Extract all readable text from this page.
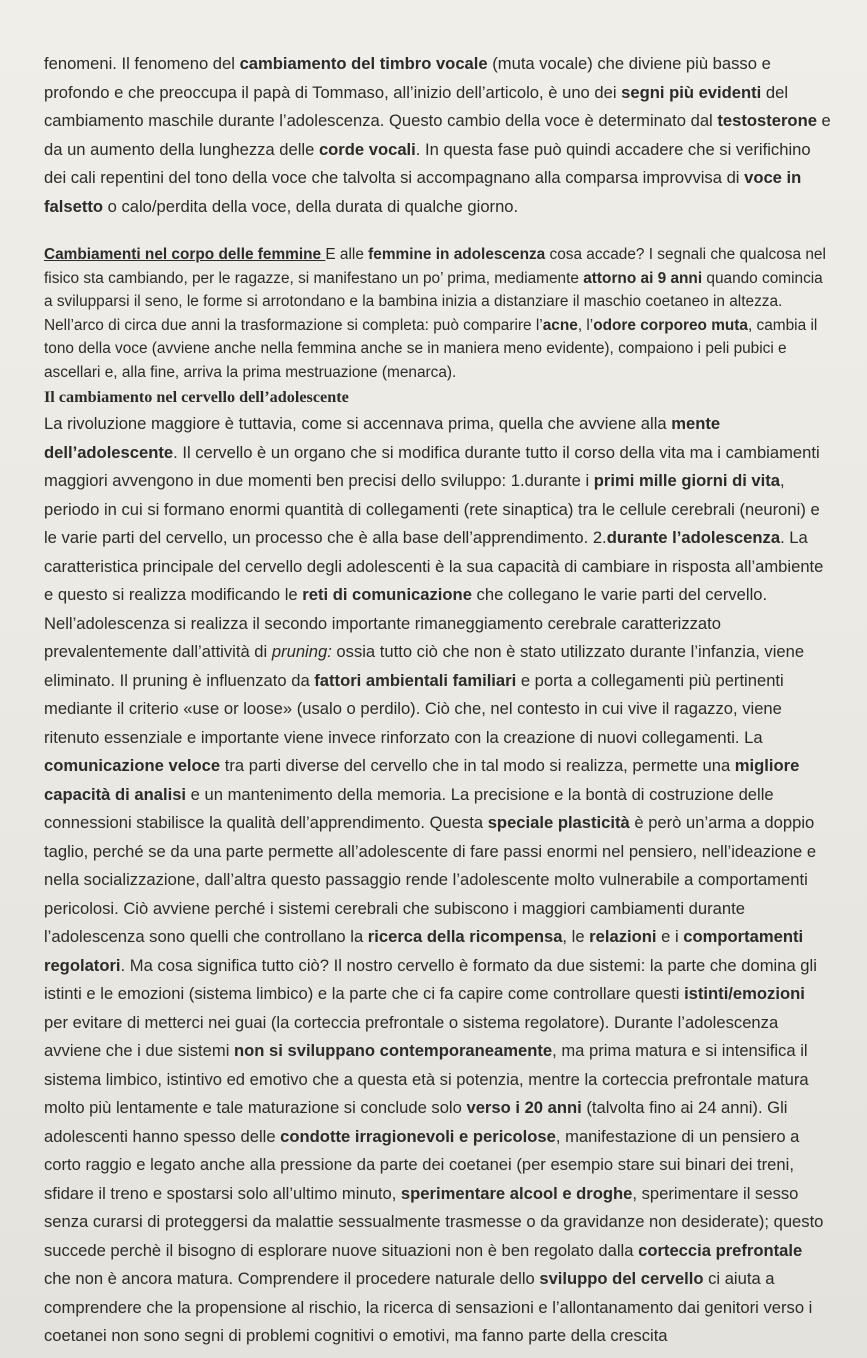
fenomeni. Il fenomeno del cambiamento del timbro vocale (muta vocale) che diviene più basso e profondo e che preoccupa il papà di Tommaso, all’inizio dell’articolo, è uno dei segni più evidenti del cambiamento maschile durante l’adolescenza. Questo cambio della voce è determinato dal testosterone e da un aumento della lunghezza delle corde vocali. In questa fase può quindi accadere che si verifichino dei cali repentini del tono della voce che talvolta si accompagnano alla comparsa improvvisa di voce in falsetto o calo/perdita della voce, della durata di qualche giorno.

Cambiamenti nel corpo delle femmine E alle femmine in adolescenza cosa accade? I segnali che qualcosa nel fisico sta cambiando, per le ragazze, si manifestano un po’ prima, mediamente attorno ai 9 anni quando comincia a svilupparsi il seno, le forme si arrotondano e la bambina inizia a distanziare il maschio coetaneo in altezza. Nell’arco di circa due anni la trasformazione si completa: può comparire l’acne, l’odore corporeo muta, cambia il tono della voce (avviene anche nella femmina anche se in maniera meno evidente), compaiono i peli pubici e ascellari e, alla fine, arriva la prima mestruazione (menarca).

Il cambiamento nel cervello dell’adolescente

La rivoluzione maggiore è tuttavia, come si accennava prima, quella che avviene alla mente dell’adolescente. Il cervello è un organo che si modifica durante tutto il corso della vita ma i cambiamenti maggiori avvengono in due momenti ben precisi dello sviluppo: 1.durante i primi mille giorni di vita, periodo in cui si formano enormi quantità di collegamenti (rete sinaptica) tra le cellule cerebrali (neuroni) e le varie parti del cervello, un processo che è alla base dell’apprendimento. 2.durante l’adolescenza. La caratteristica principale del cervello degli adolescenti è la sua capacità di cambiare in risposta all’ambiente e questo si realizza modificando le reti di comunicazione che collegano le varie parti del cervello. Nell’adolescenza si realizza il secondo importante rimaneggiamento cerebrale caratterizzato prevalentemente dall’attività di pruning: ossia tutto ciò che non è stato utilizzato durante l’infanzia, viene eliminato. Il pruning è influenzato da fattori ambientali familiari e porta a collegamenti più pertinenti mediante il criterio «use or loose» (usalo o perdilo). Ciò che, nel contesto in cui vive il ragazzo, viene ritenuto essenziale e importante viene invece rinforzato con la creazione di nuovi collegamenti. La comunicazione veloce tra parti diverse del cervello che in tal modo si realizza, permette una migliore capacità di analisi e un mantenimento della memoria. La precisione e la bontà di costruzione delle connessioni stabilisce la qualità dell’apprendimento. Questa speciale plasticità è però un’arma a doppio taglio, perché se da una parte permette all’adolescente di fare passi enormi nel pensiero, nell’ideazione e nella socializzazione, dall’altra questo passaggio rende l’adolescente molto vulnerabile a comportamenti pericolosi. Ciò avviene perché i sistemi cerebrali che subiscono i maggiori cambiamenti durante l’adolescenza sono quelli che controllano la ricerca della ricompensa, le relazioni e i comportamenti regolatori. Ma cosa significa tutto ciò? Il nostro cervello è formato da due sistemi: la parte che domina gli istinti e le emozioni (sistema limbico) e la parte che ci fa capire come controllare questi istinti/emozioni per evitare di metterci nei guai (la corteccia prefrontale o sistema regolatore). Durante l’adolescenza avviene che i due sistemi non si sviluppano contemporaneamente, ma prima matura e si intensifica il sistema limbico, istintivo ed emotivo che a questa età si potenzia, mentre la corteccia prefrontale matura molto più lentamente e tale maturazione si conclude solo verso i 20 anni (talvolta fino ai 24 anni). Gli adolescenti hanno spesso delle condotte irragionevoli e pericolose, manifestazione di un pensiero a corto raggio e legato anche alla pressione da parte dei coetanei (per esempio stare sui binari dei treni, sfidare il treno e spostarsi solo all’ultimo minuto, sperimentare alcool e droghe, sperimentare il sesso senza curarsi di proteggersi da malattie sessualmente trasmesse o da gravidanze non desiderate); questo succede perchè il bisogno di esplorare nuove situazioni non è ben regolato dalla corteccia prefrontale che non è ancora matura. Comprendere il procedere naturale dello sviluppo del cervello ci aiuta a comprendere che la propensione al rischio, la ricerca di sensazioni e l’allontanamento dai genitori verso i coetanei non sono segni di problemi cognitivi o emotivi, ma fanno parte della crescita
